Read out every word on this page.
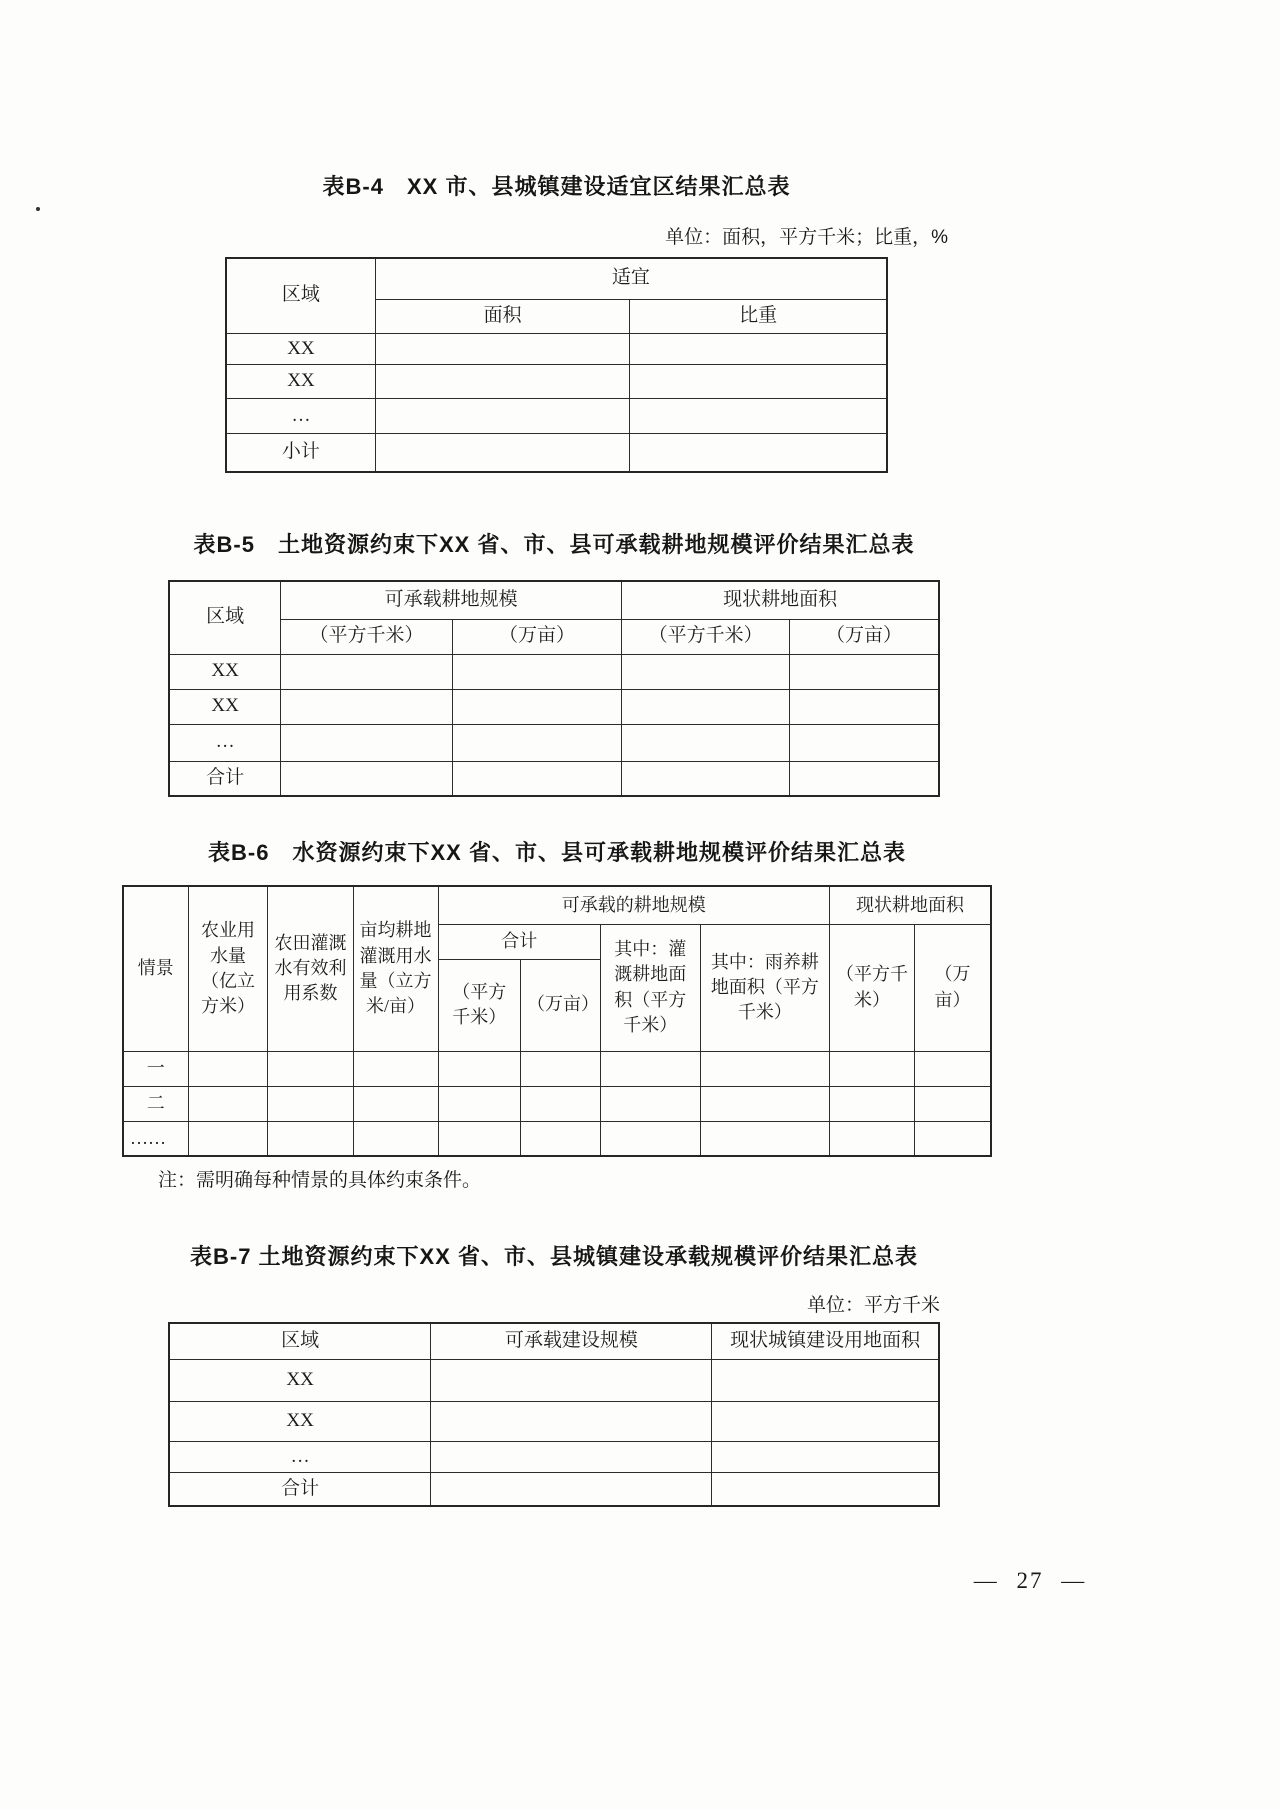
表B-4　XX 市、县城镇建设适宜区结果汇总表
单位：面积，平方千米；比重，%
区域	适宜	
	面积	比重
XX		
XX		
…		
小计		
表B-5　土地资源约束下XX 省、市、县可承载耕地规模评价结果汇总表
区域	可承载耕地规模		现状耕地面积	
	（平方千米）	（万亩）	（平方千米）	（万亩）
XX				
XX				
…				
合计				
表B-6　水资源约束下XX 省、市、县可承载耕地规模评价结果汇总表
情景	农业用水量（亿立方米）	农田灌溉水有效利用系数	亩均耕地灌溉用水量（立方米/亩）	可承载的耕地规模				现状耕地面积	
				合计		其中：灌溉耕地面积（平方千米）	其中：雨养耕地面积（平方千米）	（平方千米）	（万亩）
				（平方千米）	（万亩）				
一									
二									
……									
注：需明确每种情景的具体约束条件。
表B-7 土地资源约束下XX 省、市、县城镇建设承载规模评价结果汇总表
单位：平方千米
区域	可承载建设规模	现状城镇建设用地面积
XX		
XX		
…		
合计		
— 27 —
